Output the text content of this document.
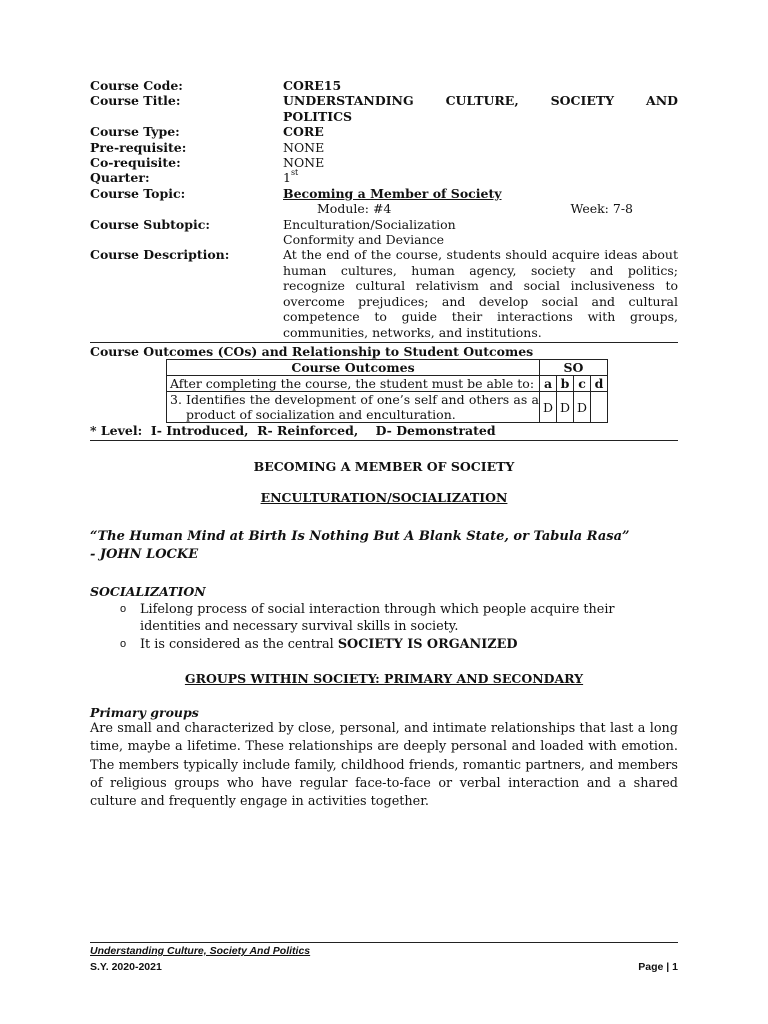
Course Code:	CORE15
Course Title:	UNDERSTANDING CULTURE, SOCIETY AND POLITICS
Course Type:	CORE
Pre-requisite:	NONE
Co-requisite:	NONE
Quarter:	1st
Course Topic:	Becoming a Member of Society
Module: #4	Week: 7-8
Course Subtopic:	Enculturation/Socialization
Conformity and Deviance
Course Description:	At the end of the course, students should acquire ideas about human cultures, human agency, society and politics; recognize cultural relativism and social inclusiveness to overcome prejudices; and develop social and cultural competence to guide their interactions with groups, communities, networks, and institutions.
Course Outcomes (COs) and Relationship to Student Outcomes
Course Outcomes	SO			
After completing the course, the student must be able to:	a	b	c	d

3. Identifies the development of one’s self and others as a product of socialization and enculturation.	D	D	D	
* Level:  I- Introduced,  R- Reinforced,    D- Demonstrated
BECOMING A MEMBER OF SOCIETY
ENCULTURATION/SOCIALIZATION
“The Human Mind at Birth Is Nothing But A Blank State, or Tabula Rasa” - JOHN LOCKE
SOCIALIZATION
o Lifelong process of social interaction through which people acquire their identities and necessary survival skills in society.
o It is considered as the central SOCIETY IS ORGANIZED
GROUPS WITHIN SOCIETY: PRIMARY AND SECONDARY
Primary groups
Are small and characterized by close, personal, and intimate relationships that last a long time, maybe a lifetime. These relationships are deeply personal and loaded with emotion. The members typically include family, childhood friends, romantic partners, and members of religious groups who have regular face-to-face or verbal interaction and a shared culture and frequently engage in activities together.
Understanding Culture, Society And Politics
S.Y. 2020-2021	Page | 1
